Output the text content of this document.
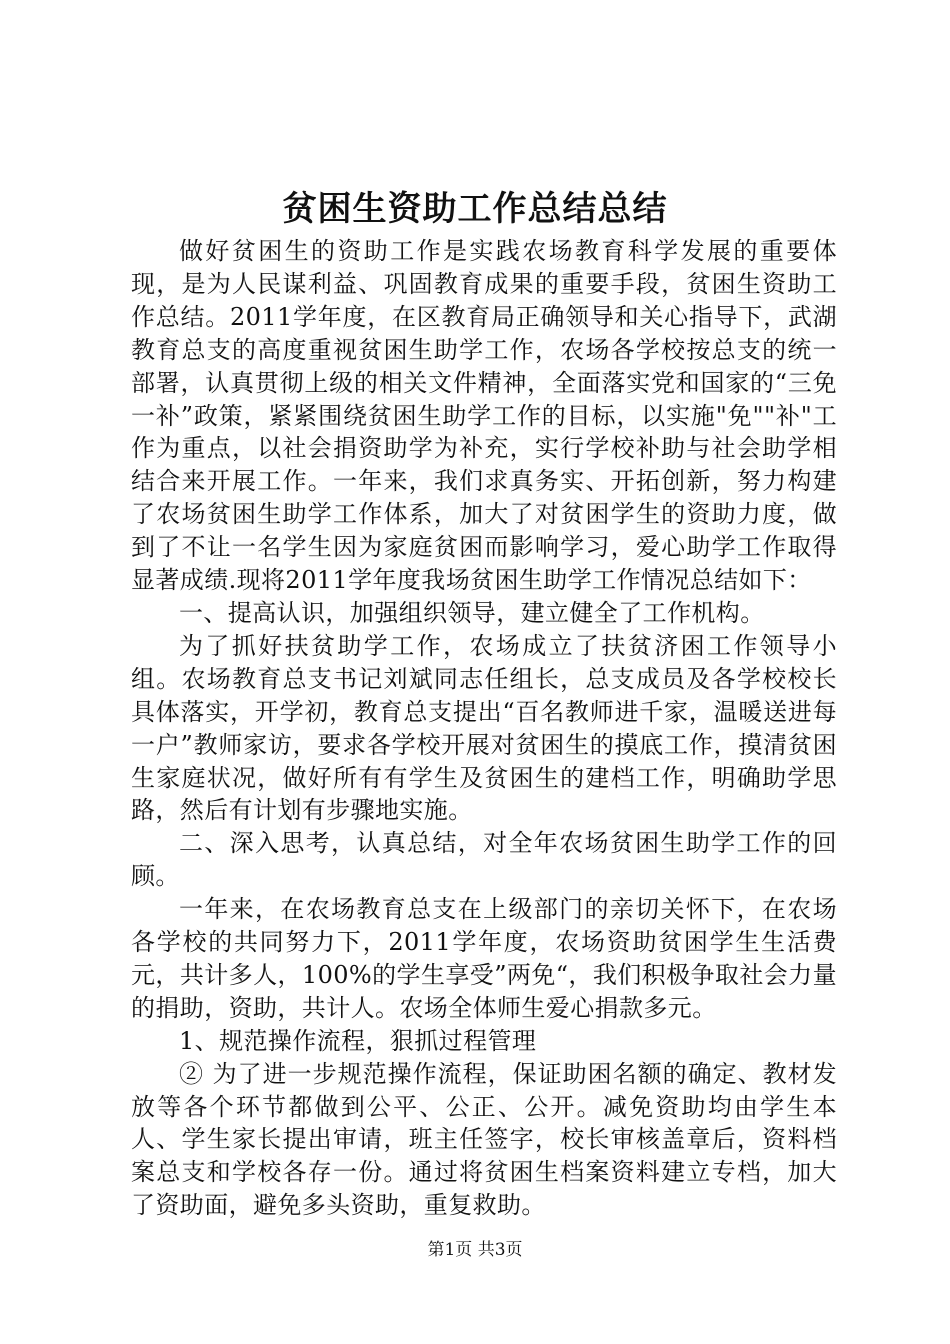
贫困生资助工作总结总结

做好贫困生的资助工作是实践农场教育科学发展的重要体现，是为人民谋利益、巩固教育成果的重要手段，贫困生资助工作总结。2011学年度，在区教育局正确领导和关心指导下，武湖教育总支的高度重视贫困生助学工作，农场各学校按总支的统一部署，认真贯彻上级的相关文件精神，全面落实党和国家的“三免一补”政策，紧紧围绕贫困生助学工作的目标，以实施"免""补"工作为重点，以社会捐资助学为补充，实行学校补助与社会助学相结合来开展工作。一年来，我们求真务实、开拓创新，努力构建了农场贫困生助学工作体系，加大了对贫困学生的资助力度，做到了不让一名学生因为家庭贫困而影响学习，爱心助学工作取得显著成绩.现将2011学年度我场贫困生助学工作情况总结如下：

一、提高认识，加强组织领导，建立健全了工作机构。

为了抓好扶贫助学工作，农场成立了扶贫济困工作领导小组。农场教育总支书记刘斌同志任组长，总支成员及各学校校长具体落实，开学初，教育总支提出“百名教师进千家，温暖送进每一户”教师家访，要求各学校开展对贫困生的摸底工作，摸清贫困生家庭状况，做好所有有学生及贫困生的建档工作，明确助学思路，然后有计划有步骤地实施。

二、深入思考，认真总结，对全年农场贫困生助学工作的回顾。

一年来，在农场教育总支在上级部门的亲切关怀下，在农场各学校的共同努力下，2011学年度，农场资助贫困学生生活费元，共计多人，100%的学生享受”两免“，我们积极争取社会力量的捐助，资助，共计人。农场全体师生爱心捐款多元。

1、规范操作流程，狠抓过程管理

② 为了进一步规范操作流程，保证助困名额的确定、教材发放等各个环节都做到公平、公正、公开。减免资助均由学生本人、学生家长提出审请，班主任签字，校长审核盖章后，资料档案总支和学校各存一份。通过将贫困生档案资料建立专档，加大了资助面，避免多头资助，重复救助。

第1页 共3页
